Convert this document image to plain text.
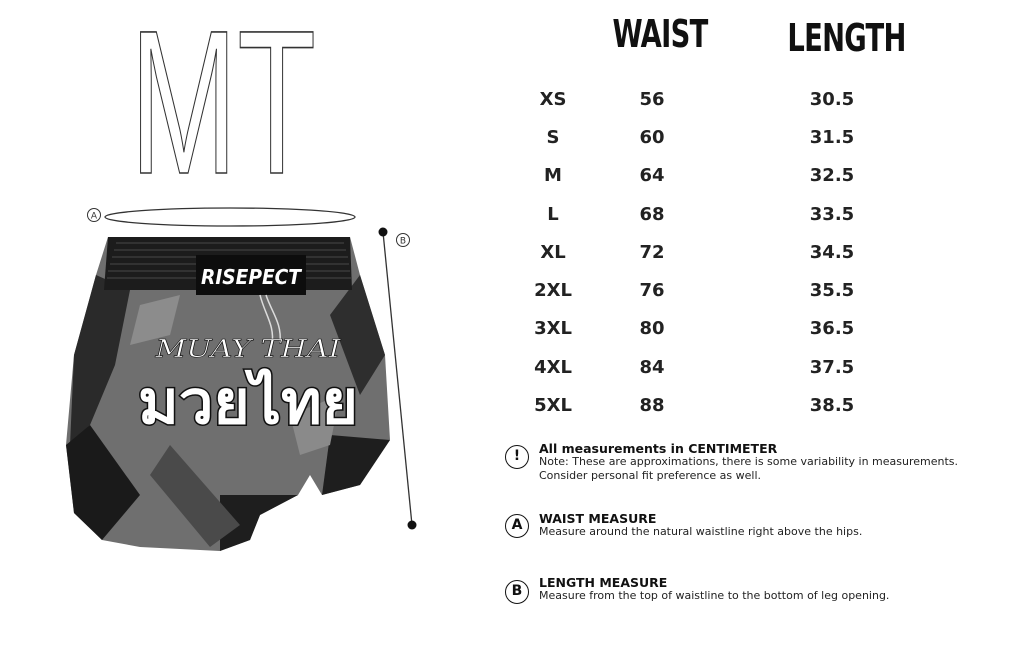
MT
A
B
RISEPECT
MUAY THAI
มวยไทย
WAIST LENGTH
XS	56	30.5
S	60	31.5
M	64	32.5
L	68	33.5
XL	72	34.5
2XL	76	35.5
3XL	80	36.5
4XL	84	37.5
5XL	88	38.5
!	All measurements in CENTIMETER
Note: These are approximations, there is some variability in measurements.
Consider personal fit preference as well.
A	WAIST MEASURE
Measure around the natural waistline right above the hips.
B
LENGTH MEASURE
Measure from the top of waistline to the bottom of leg opening.
